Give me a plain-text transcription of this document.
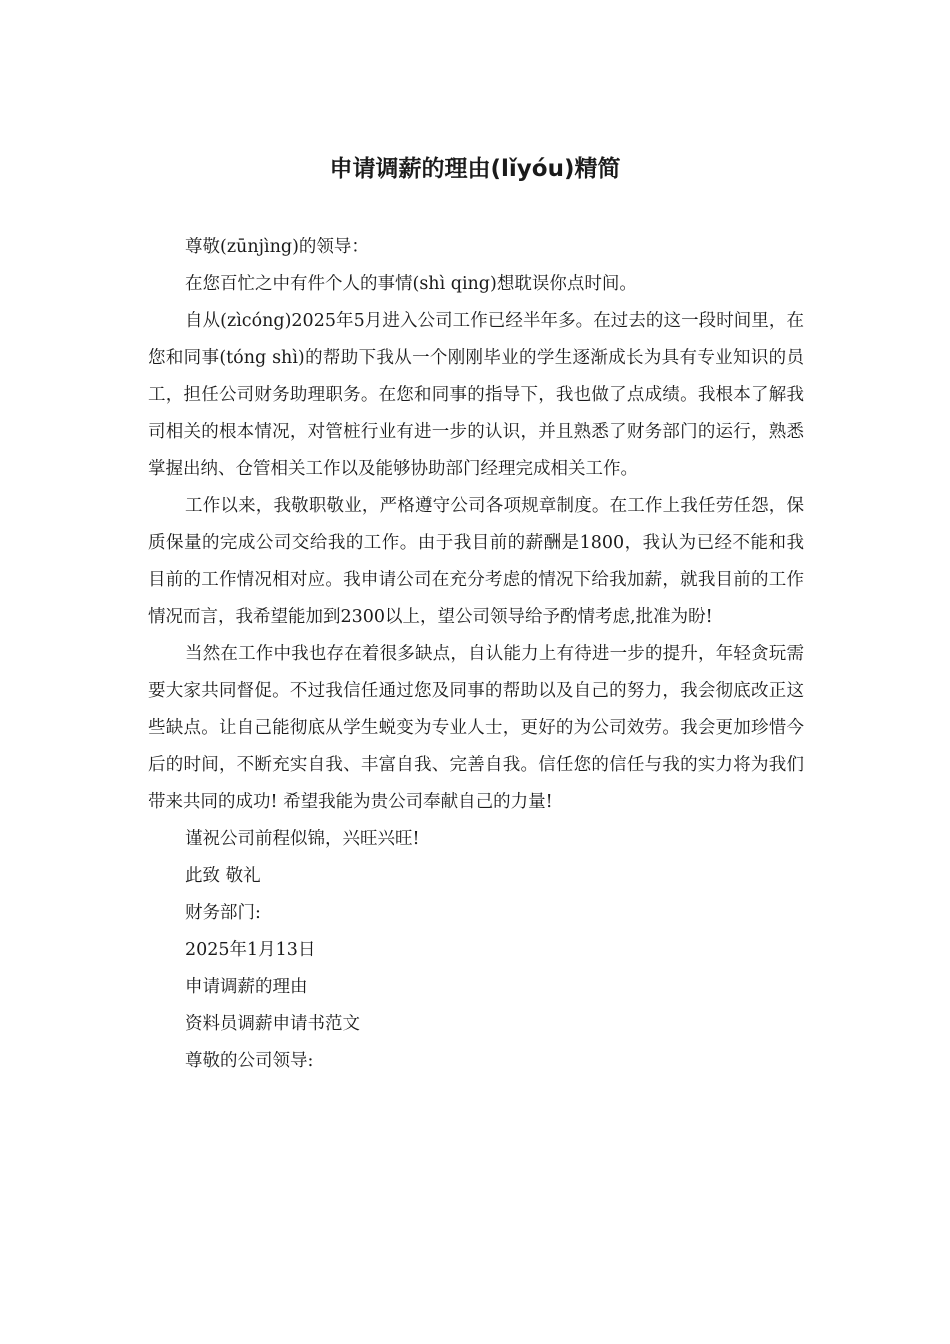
申请调薪的理由(lǐyóu)精简

尊敬(zūnjìng)的领导：

在您百忙之中有件个人的事情(shì qing)想耽误你点时间。

自从(zìcóng)2025年5月进入公司工作已经半年多。在过去的这一段时间里，在您和同事(tóng shì)的帮助下我从一个刚刚毕业的学生逐渐成长为具有专业知识的员工，担任公司财务助理职务。在您和同事的指导下，我也做了点成绩。我根本了解我司相关的根本情况，对管桩行业有进一步的认识，并且熟悉了财务部门的运行，熟悉掌握出纳、仓管相关工作以及能够协助部门经理完成相关工作。

工作以来，我敬职敬业，严格遵守公司各项规章制度。在工作上我任劳任怨，保质保量的完成公司交给我的工作。由于我目前的薪酬是1800，我认为已经不能和我目前的工作情况相对应。我申请公司在充分考虑的情况下给我加薪，就我目前的工作情况而言，我希望能加到2300以上，望公司领导给予酌情考虑,批准为盼!

当然在工作中我也存在着很多缺点，自认能力上有待进一步的提升，年轻贪玩需要大家共同督促。不过我信任通过您及同事的帮助以及自己的努力，我会彻底改正这些缺点。让自己能彻底从学生蜕变为专业人士，更好的为公司效劳。我会更加珍惜今后的时间，不断充实自我、丰富自我、完善自我。信任您的信任与我的实力将为我们带来共同的成功! 希望我能为贵公司奉献自己的力量!

谨祝公司前程似锦，兴旺兴旺!

此致 敬礼

财务部门:

2025年1月13日

申请调薪的理由

资料员调薪申请书范文

尊敬的公司领导:
